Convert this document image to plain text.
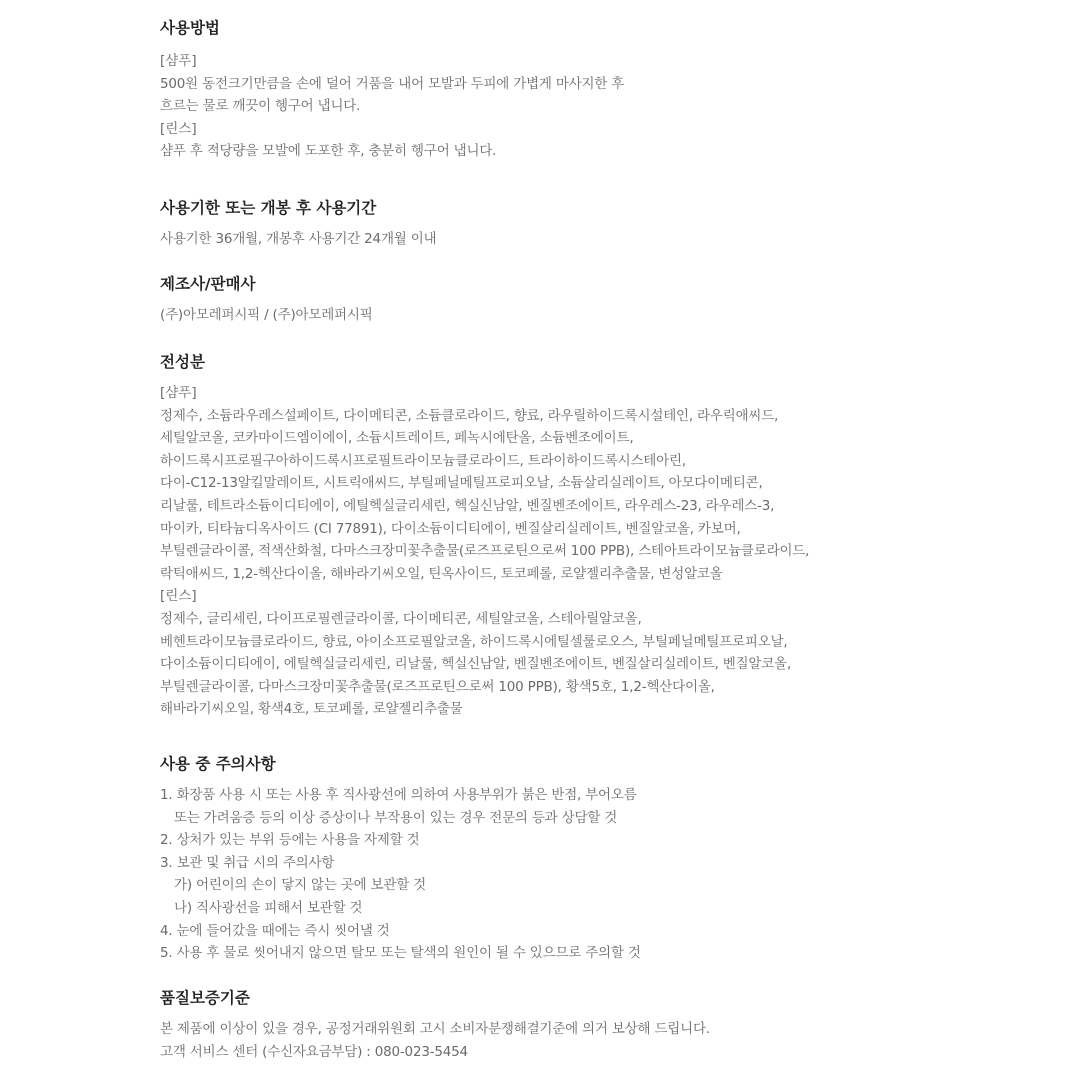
사용방법
[샴푸]
500원 동전크기만큼을 손에 덜어 거품을 내어 모발과 두피에 가볍게 마사지한 후
흐르는 물로 깨끗이 헹구어 냅니다.
[린스]
샴푸 후 적당량을 모발에 도포한 후, 충분히 헹구어 냅니다.
사용기한 또는 개봉 후 사용기간
사용기한 36개월, 개봉후 사용기간 24개월 이내
제조사/판매사
(주)아모레퍼시픽 / (주)아모레퍼시픽
전성분
[샴푸]
정제수, 소듐라우레스설페이트, 다이메티콘, 소듐클로라이드, 향료, 라우릴하이드록시설테인, 라우릭애씨드,
세틸알코올, 코카마이드엠이에이, 소듐시트레이트, 페녹시에탄올, 소듐벤조에이트,
하이드록시프로필구아하이드록시프로필트라이모늄클로라이드, 트라이하이드록시스테아린,
다이-C12-13알킬말레이트, 시트릭애씨드, 부틸페닐메틸프로피오날, 소듐살리실레이트, 아모다이메티콘,
리날룰, 테트라소듐이디티에이, 에틸헥실글리세린, 헥실신남알, 벤질벤조에이트, 라우레스-23, 라우레스-3,
마이카, 티타늄디옥사이드 (CI 77891), 다이소듐이디티에이, 벤질살리실레이트, 벤질알코올, 카보머,
부틸렌글라이콜, 적색산화철, 다마스크장미꽃추출물(로즈프로틴으로써 100 PPB), 스테아트라이모늄클로라이드,
락틱애씨드, 1,2-헥산다이올, 해바라기씨오일, 틴옥사이드, 토코페롤, 로얄젤리추출물, 변성알코올
[린스]
정제수, 글리세린, 다이프로필렌글라이콜, 다이메티콘, 세틸알코올, 스테아릴알코올,
베헨트라이모늄클로라이드, 향료, 아이소프로필알코올, 하이드록시에틸셀룰로오스, 부틸페닐메틸프로피오날,
다이소듐이디티에이, 에틸헥실글리세린, 리날룰, 헥실신남알, 벤질벤조에이트, 벤질살리실레이트, 벤질알코올,
부틸렌글라이콜, 다마스크장미꽃추출물(로즈프로틴으로써 100 PPB), 황색5호, 1,2-헥산다이올,
해바라기씨오일, 황색4호, 토코페롤, 로얄젤리추출물
사용 중 주의사항
1. 화장품 사용 시 또는 사용 후 직사광선에 의하여 사용부위가 붉은 반점, 부어오름
또는 가려움증 등의 이상 증상이나 부작용이 있는 경우 전문의 등과 상담할 것
2. 상처가 있는 부위 등에는 사용을 자제할 것
3. 보관 및 취급 시의 주의사항
가) 어린이의 손이 닿지 않는 곳에 보관할 것
나) 직사광선을 피해서 보관할 것
4. 눈에 들어갔을 때에는 즉시 씻어낼 것
5. 사용 후 물로 씻어내지 않으면 탈모 또는 탈색의 원인이 될 수 있으므로 주의할 것
품질보증기준
본 제품에 이상이 있을 경우, 공정거래위원회 고시 소비자분쟁해결기준에 의거 보상해 드립니다.
고객 서비스 센터 (수신자요금부담) : 080-023-5454
